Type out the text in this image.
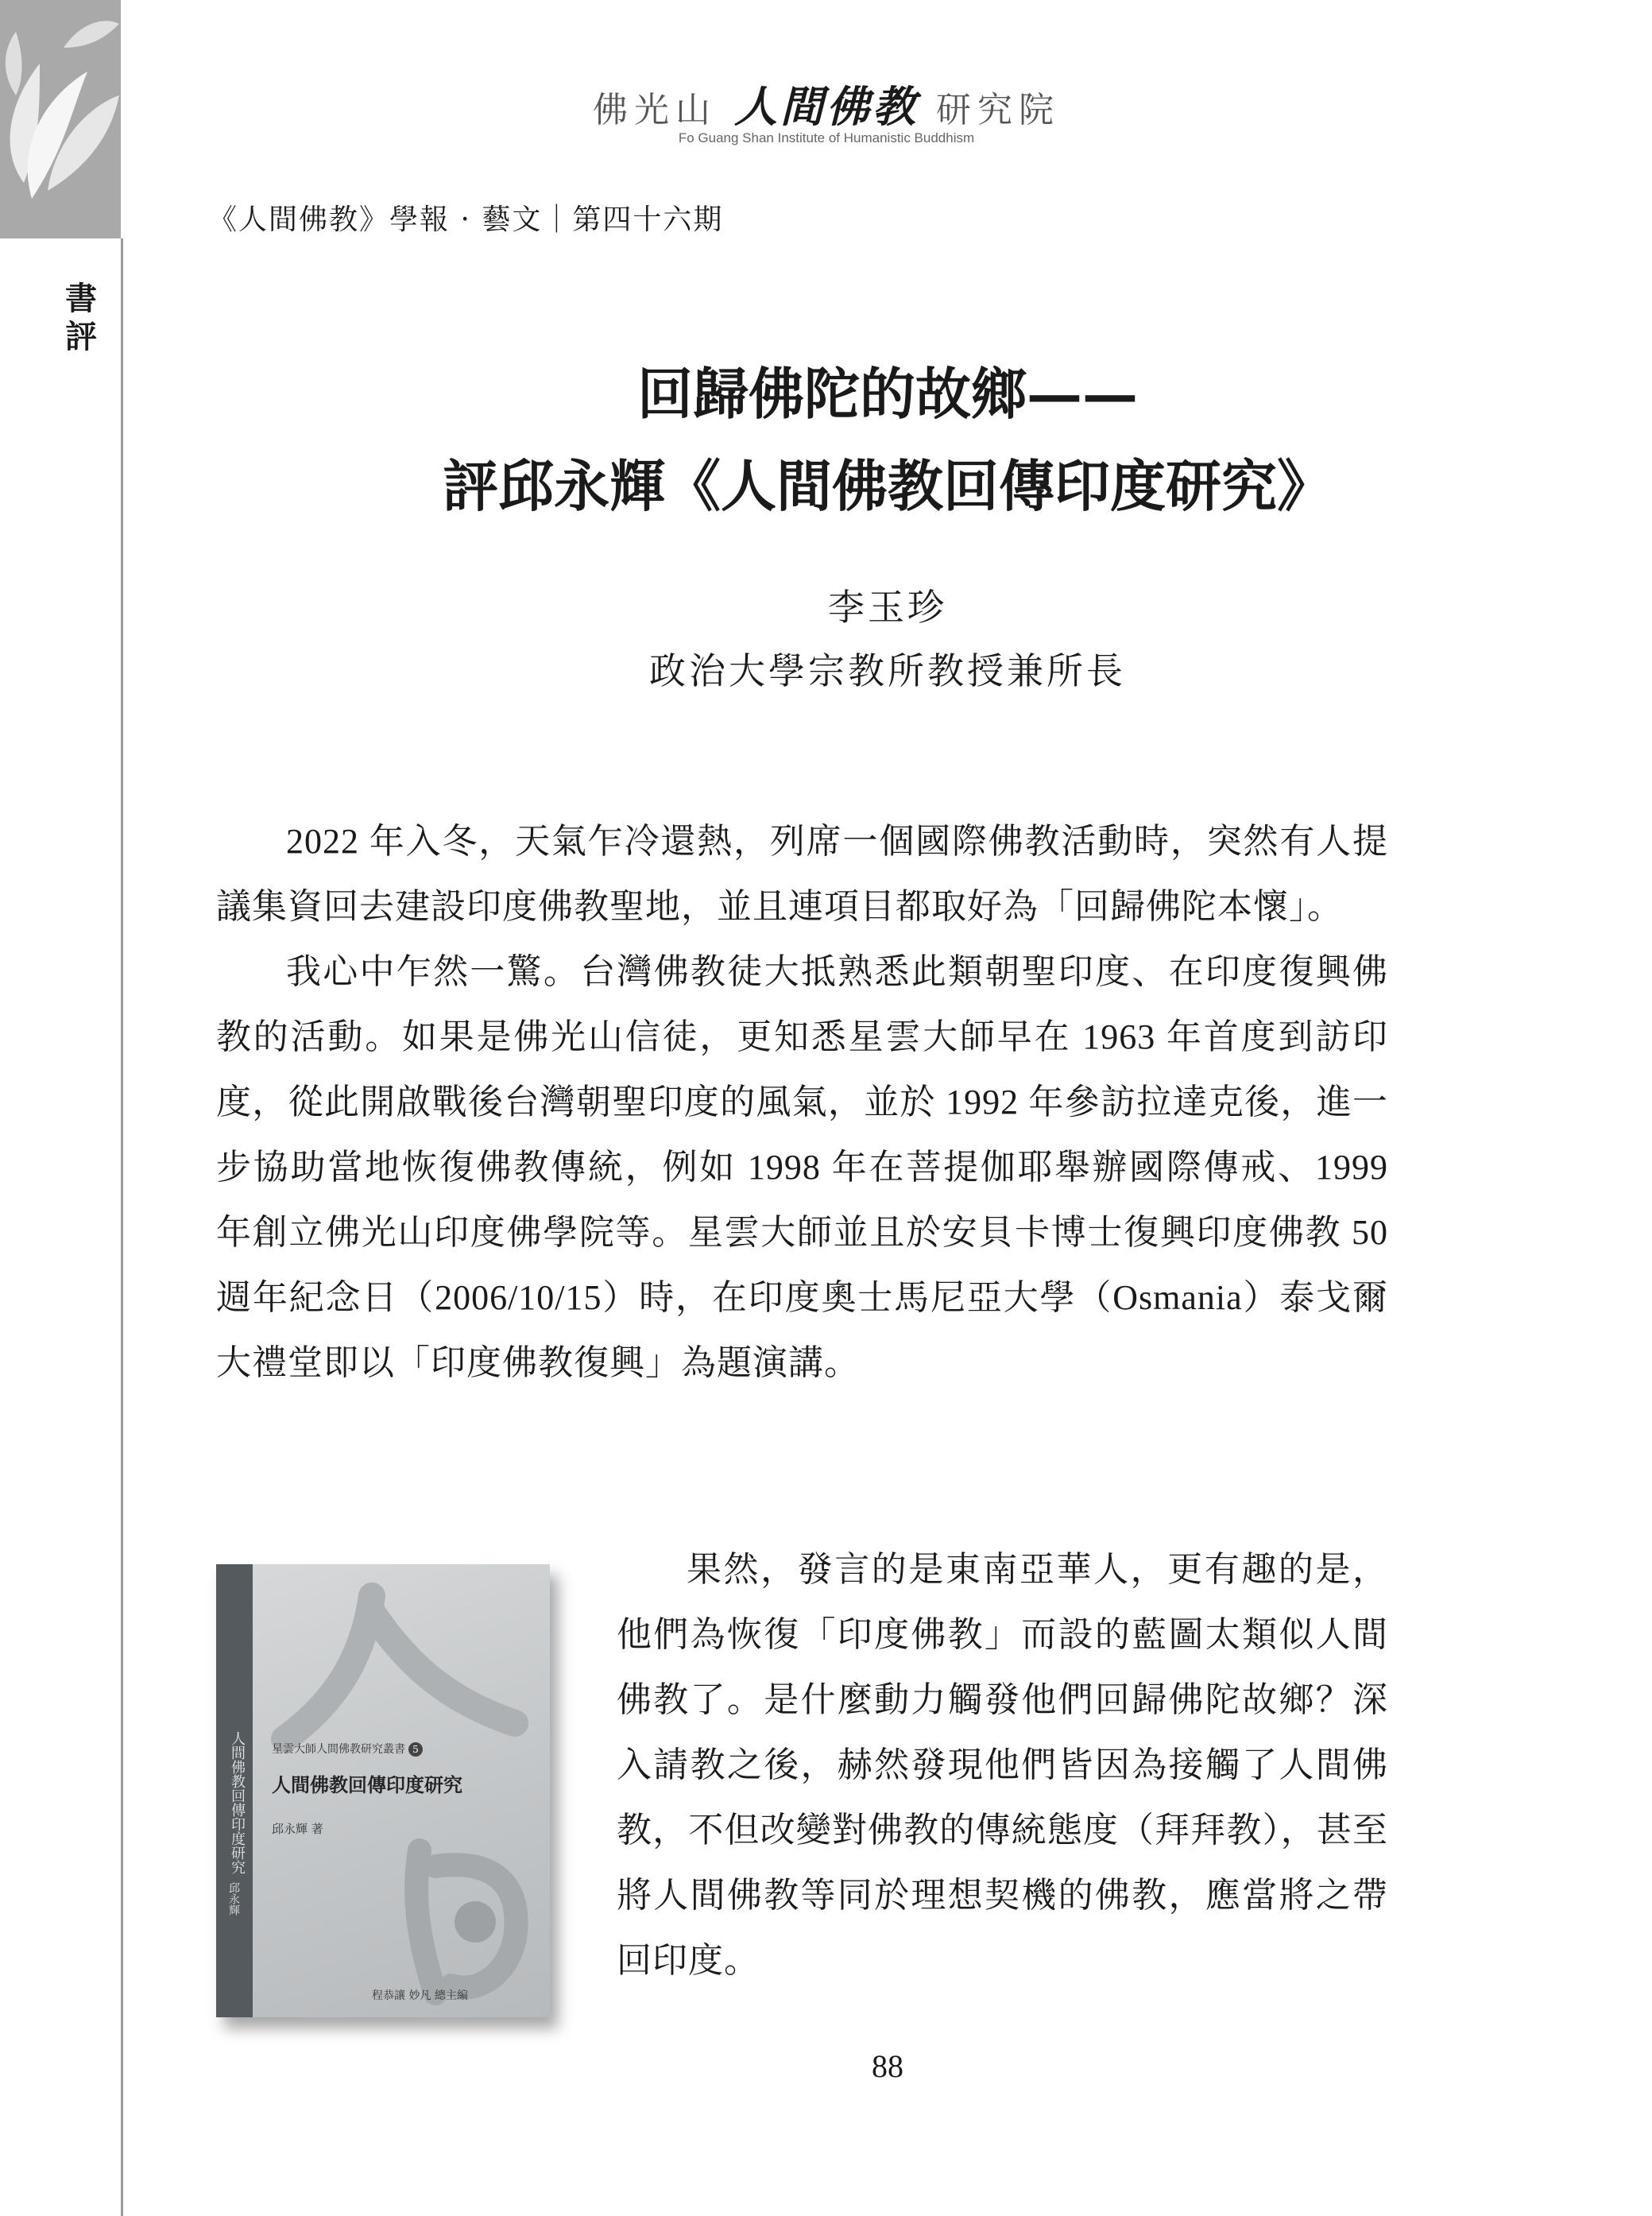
書
評
佛光山 人間佛教 研究院
Fo Guang Shan Institute of Humanistic Buddhism
《人間佛教》學報 · 藝文｜第四十六期
回歸佛陀的故鄉——
評邱永輝《人間佛教回傳印度研究》
李玉珍
政治大學宗教所教授兼所長

2022 年入冬，天氣乍冷還熱，列席一個國際佛教活動時，突然有人提議集資回去建設印度佛教聖地，並且連項目都取好為「回歸佛陀本懷」。

我心中乍然一驚。台灣佛教徒大抵熟悉此類朝聖印度、在印度復興佛教的活動。如果是佛光山信徒，更知悉星雲大師早在 1963 年首度到訪印度，從此開啟戰後台灣朝聖印度的風氣，並於 1992 年參訪拉達克後，進一步協助當地恢復佛教傳統，例如 1998 年在菩提伽耶舉辦國際傳戒、1999 年創立佛光山印度佛學院等。星雲大師並且於安貝卡博士復興印度佛教 50 週年紀念日（2006/10/15）時，在印度奧士馬尼亞大學（Osmania）泰戈爾大禮堂即以「印度佛教復興」為題演講。

人間佛教回傳印度研究
邱永輝
星雲大師人間佛教研究叢書 5
人間佛教回傳印度研究
邱永輝 著
程恭讓 妙凡 總主編

果然，發言的是東南亞華人，更有趣的是，他們為恢復「印度佛教」而設的藍圖太類似人間佛教了。是什麼動力觸發他們回歸佛陀故鄉？深入請教之後，赫然發現他們皆因為接觸了人間佛教，不但改變對佛教的傳統態度（拜拜教），甚至將人間佛教等同於理想契機的佛教，應當將之帶回印度。

88
